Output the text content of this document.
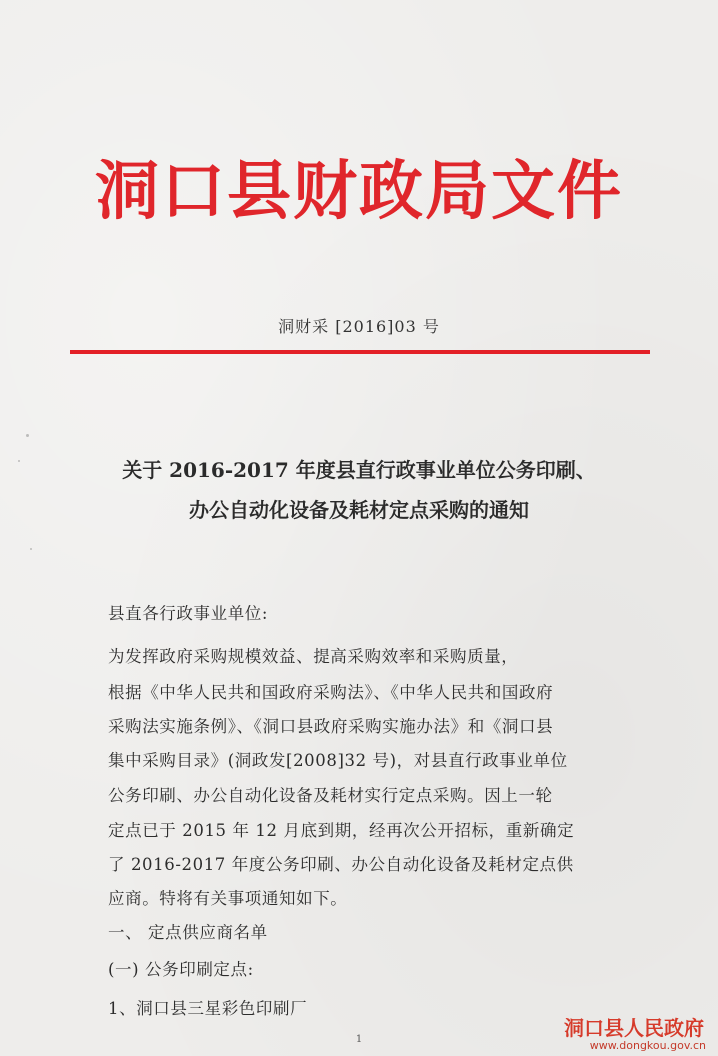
洞口县财政局文件
洞财采 [2016]03 号
关于 2016-2017 年度县直行政事业单位公务印刷、
办公自动化设备及耗材定点采购的通知
县直各行政事业单位:
为发挥政府采购规模效益、提高采购效率和采购质量，
根据《中华人民共和国政府采购法》、《中华人民共和国政府
采购法实施条例》、《洞口县政府采购实施办法》和《洞口县
集中采购目录》(洞政发[2008]32 号)，对县直行政事业单位
公务印刷、办公自动化设备及耗材实行定点采购。因上一轮
定点已于 2015 年 12 月底到期，经再次公开招标，重新确定
了 2016-2017 年度公务印刷、办公自动化设备及耗材定点供
应商。特将有关事项通知如下。
一、 定点供应商名单
(一) 公务印刷定点:
1、洞口县三星彩色印刷厂
1	洞口县人民政府
www.dongkou.gov.cn
